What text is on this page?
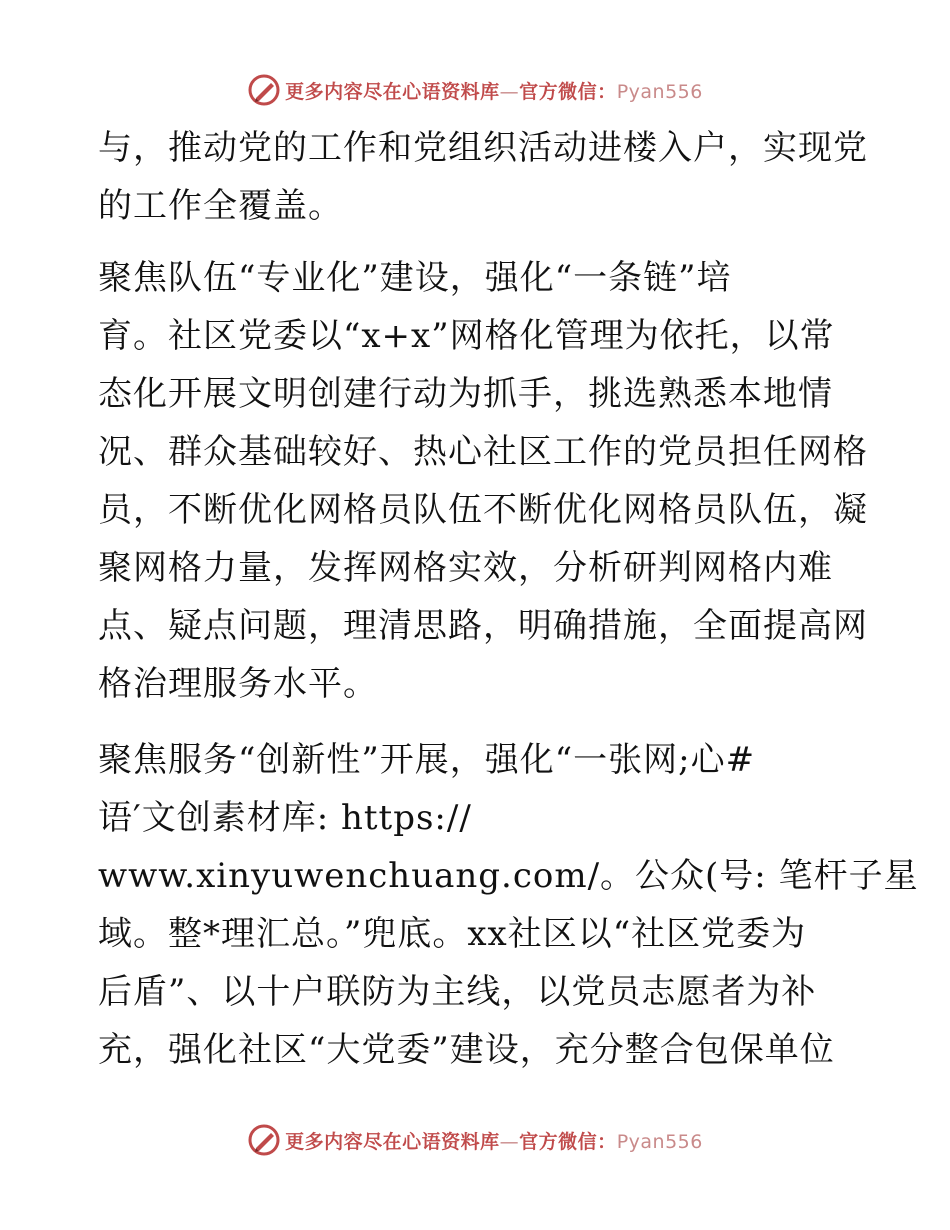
更多内容尽在心语资料库—官方微信：Pyan556
与，推动党的工作和党组织活动进楼入户，实现党
的工作全覆盖。
聚焦队伍“专业化”建设，强化“一条链”培
育。社区党委以“x+x”网格化管理为依托，以常
态化开展文明创建行动为抓手，挑选熟悉本地情
况、群众基础较好、热心社区工作的党员担任网格
员，不断优化网格员队伍不断优化网格员队伍，凝
聚网格力量，发挥网格实效，分析研判网格内难
点、疑点问题，理清思路，明确措施，全面提高网
格治理服务水平。
聚焦服务“创新性”开展，强化“一张网;心#
语′文创素材库: https://
www.xinyuwenchuang.com/。公众(号: 笔杆子星
域。整*理汇总。”兜底。xx社区以“社区党委为
后盾”、以十户联防为主线，以党员志愿者为补
充，强化社区“大党委”建设，充分整合包保单位
更多内容尽在心语资料库—官方微信：Pyan556
